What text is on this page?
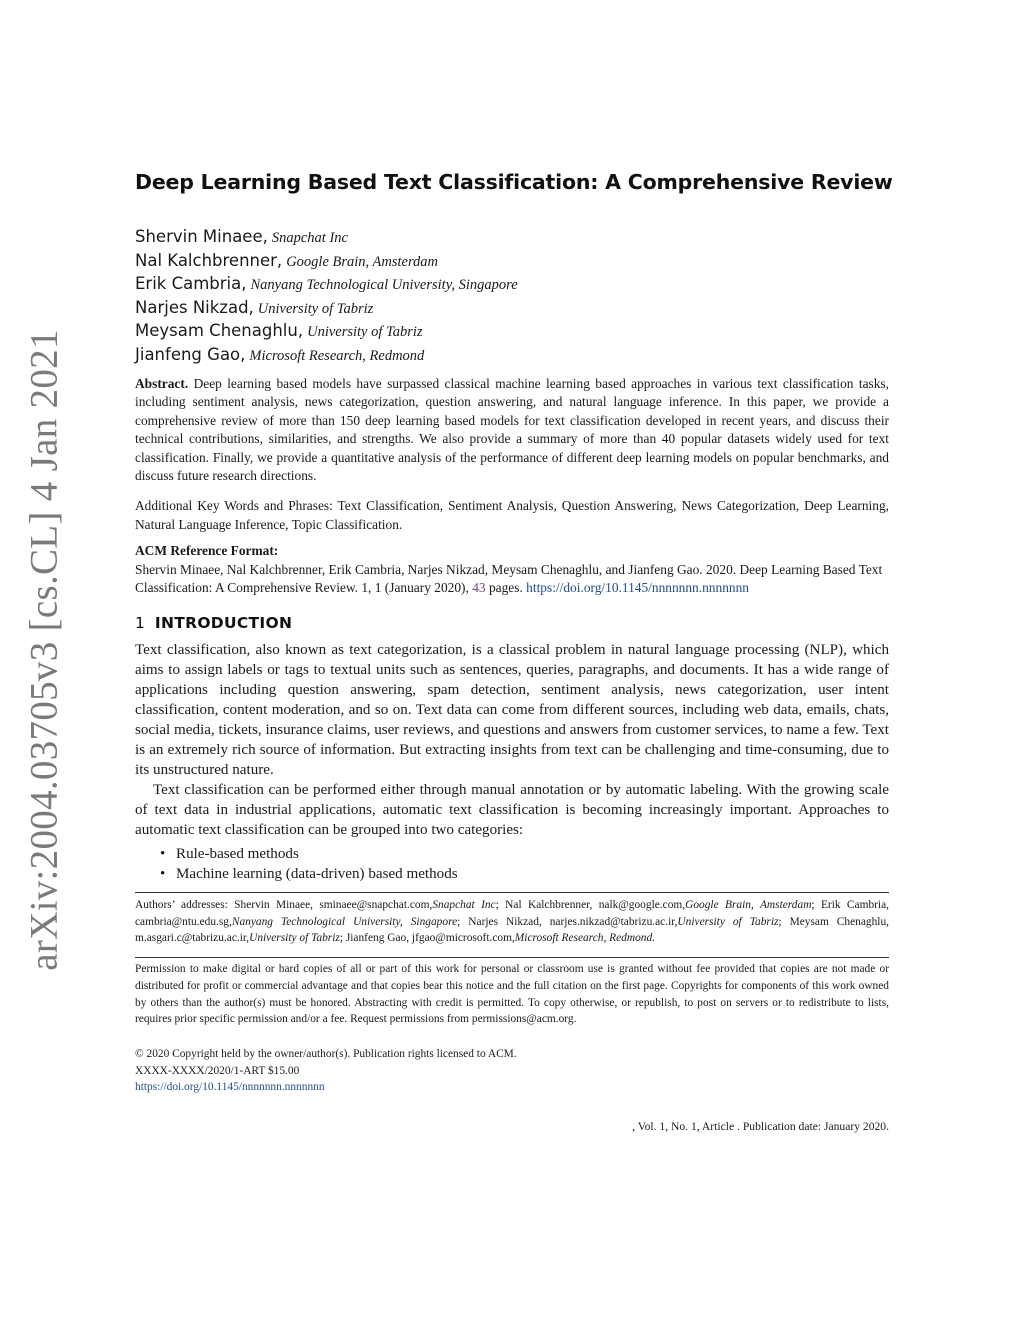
arXiv:2004.03705v3 [cs.CL] 4 Jan 2021
Deep Learning Based Text Classification: A Comprehensive Review
Shervin Minaee, Snapchat Inc
Nal Kalchbrenner, Google Brain, Amsterdam
Erik Cambria, Nanyang Technological University, Singapore
Narjes Nikzad, University of Tabriz
Meysam Chenaghlu, University of Tabriz
Jianfeng Gao, Microsoft Research, Redmond
Abstract. Deep learning based models have surpassed classical machine learning based approaches in various text classification tasks, including sentiment analysis, news categorization, question answering, and natural language inference. In this paper, we provide a comprehensive review of more than 150 deep learning based models for text classification developed in recent years, and discuss their technical contributions, similarities, and strengths. We also provide a summary of more than 40 popular datasets widely used for text classification. Finally, we provide a quantitative analysis of the performance of different deep learning models on popular benchmarks, and discuss future research directions.
Additional Key Words and Phrases: Text Classification, Sentiment Analysis, Question Answering, News Categorization, Deep Learning, Natural Language Inference, Topic Classification.
ACM Reference Format:
Shervin Minaee, Nal Kalchbrenner, Erik Cambria, Narjes Nikzad, Meysam Chenaghlu, and Jianfeng Gao. 2020. Deep Learning Based Text Classification: A Comprehensive Review. 1, 1 (January 2020), 43 pages. https://doi.org/10.1145/nnnnnnn.nnnnnnn
1 INTRODUCTION

Text classification, also known as text categorization, is a classical problem in natural language processing (NLP), which aims to assign labels or tags to textual units such as sentences, queries, paragraphs, and documents. It has a wide range of applications including question answering, spam detection, sentiment analysis, news categorization, user intent classification, content moderation, and so on. Text data can come from different sources, including web data, emails, chats, social media, tickets, insurance claims, user reviews, and questions and answers from customer services, to name a few. Text is an extremely rich source of information. But extracting insights from text can be challenging and time-consuming, due to its unstructured nature.

Text classification can be performed either through manual annotation or by automatic labeling. With the growing scale of text data in industrial applications, automatic text classification is becoming increasingly important. Approaches to automatic text classification can be grouped into two categories:

• Rule-based methods
• Machine learning (data-driven) based methods
Authors’ addresses: Shervin Minaee, sminaee@snapchat.com,Snapchat Inc; Nal Kalchbrenner, nalk@google.com,Google Brain, Amsterdam; Erik Cambria, cambria@ntu.edu.sg,Nanyang Technological University, Singapore; Narjes Nikzad, narjes.nikzad@tabrizu.ac.ir,University of Tabriz; Meysam Chenaghlu, m.asgari.c@tabrizu.ac.ir,University of Tabriz; Jianfeng Gao, jfgao@microsoft.com,Microsoft Research, Redmond.
Permission to make digital or hard copies of all or part of this work for personal or classroom use is granted without fee provided that copies are not made or distributed for profit or commercial advantage and that copies bear this notice and the full citation on the first page. Copyrights for components of this work owned by others than the author(s) must be honored. Abstracting with credit is permitted. To copy otherwise, or republish, to post on servers or to redistribute to lists, requires prior specific permission and/or a fee. Request permissions from permissions@acm.org.
© 2020 Copyright held by the owner/author(s). Publication rights licensed to ACM.
XXXX-XXXX/2020/1-ART $15.00
https://doi.org/10.1145/nnnnnnn.nnnnnnn
, Vol. 1, No. 1, Article . Publication date: January 2020.
